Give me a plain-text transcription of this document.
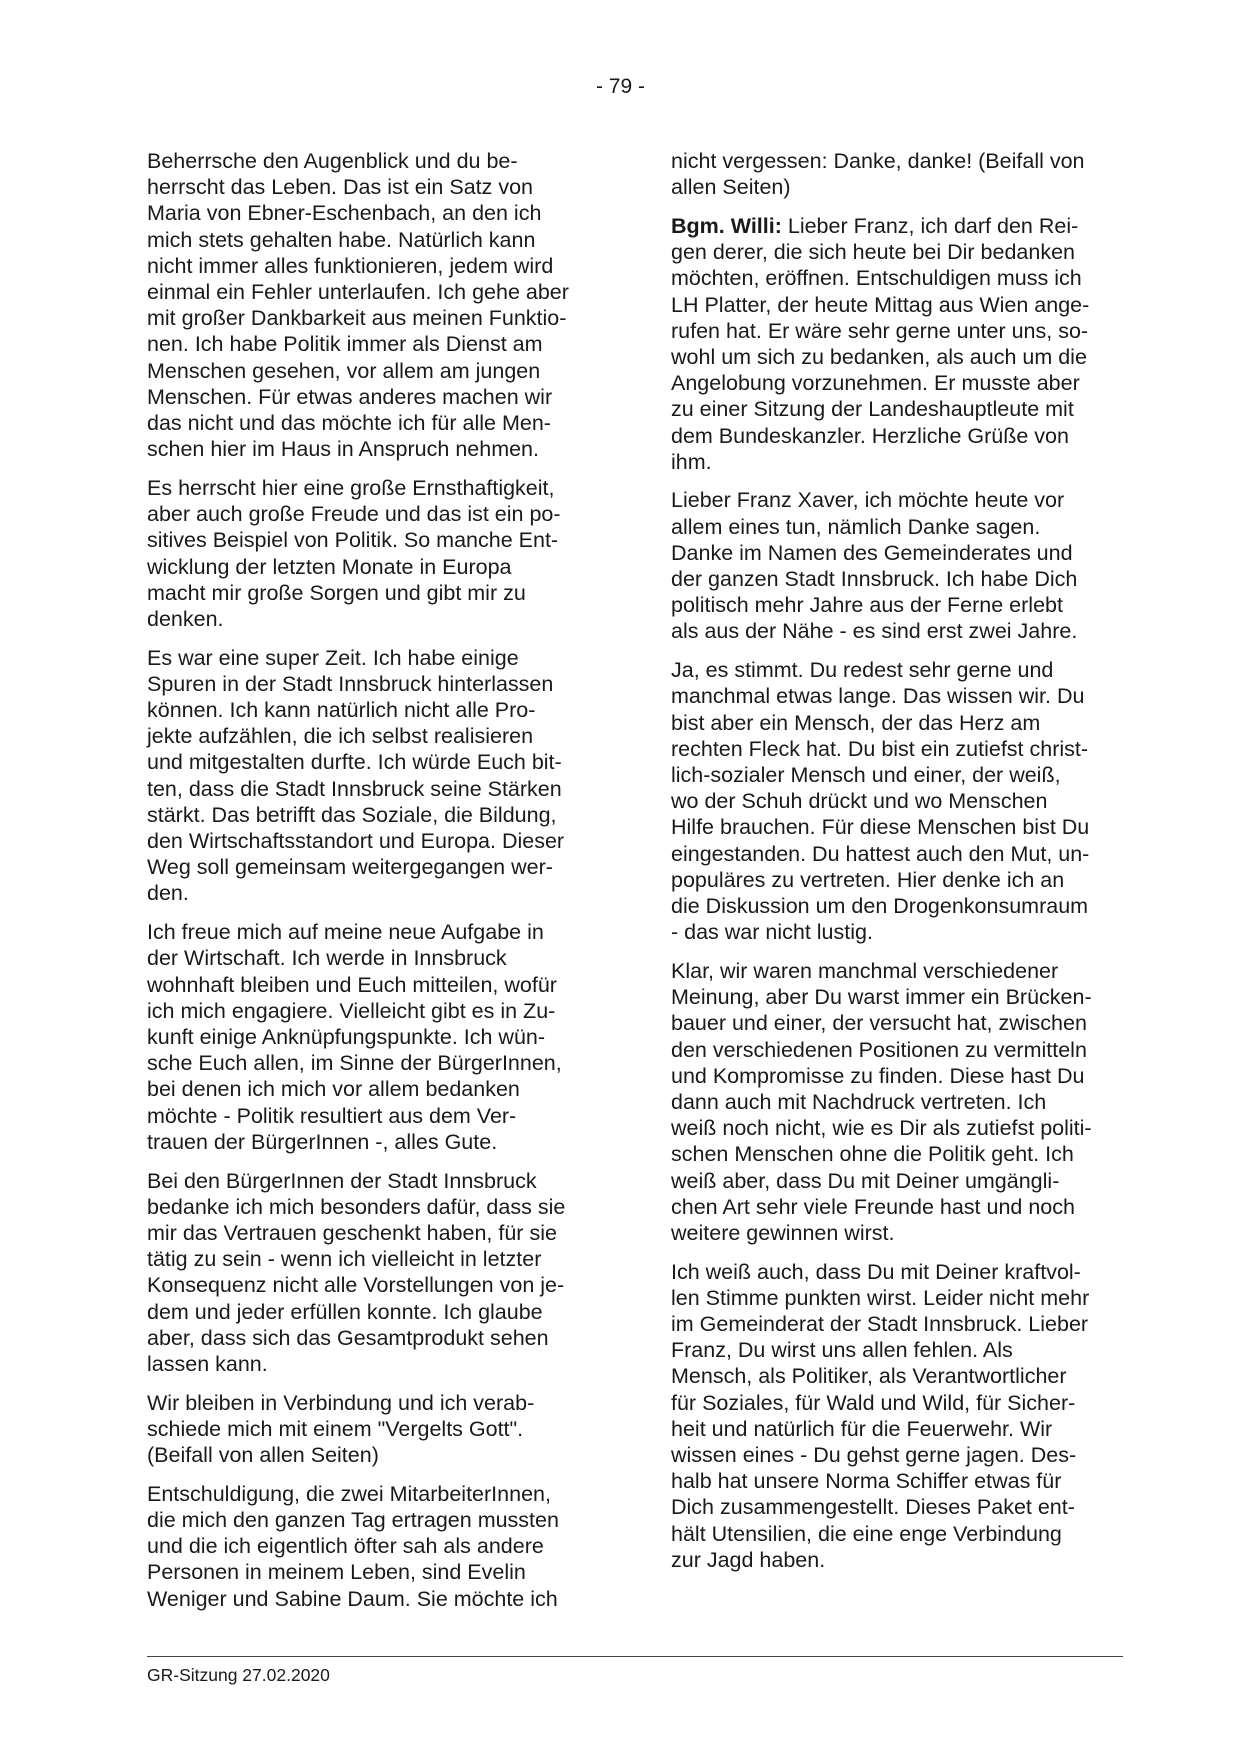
- 79 -

Beherrsche den Augenblick und du be-
herrscht das Leben. Das ist ein Satz von
Maria von Ebner-Eschenbach, an den ich
mich stets gehalten habe. Natürlich kann
nicht immer alles funktionieren, jedem wird
einmal ein Fehler unterlaufen. Ich gehe aber
mit großer Dankbarkeit aus meinen Funktio-
nen. Ich habe Politik immer als Dienst am
Menschen gesehen, vor allem am jungen
Menschen. Für etwas anderes machen wir
das nicht und das möchte ich für alle Men-
schen hier im Haus in Anspruch nehmen.

Es herrscht hier eine große Ernsthaftigkeit,
aber auch große Freude und das ist ein po-
sitives Beispiel von Politik. So manche Ent-
wicklung der letzten Monate in Europa
macht mir große Sorgen und gibt mir zu
denken.

Es war eine super Zeit. Ich habe einige
Spuren in der Stadt Innsbruck hinterlassen
können. Ich kann natürlich nicht alle Pro-
jekte aufzählen, die ich selbst realisieren
und mitgestalten durfte. Ich würde Euch bit-
ten, dass die Stadt Innsbruck seine Stärken
stärkt. Das betrifft das Soziale, die Bildung,
den Wirtschaftsstandort und Europa. Dieser
Weg soll gemeinsam weitergegangen wer-
den.

Ich freue mich auf meine neue Aufgabe in
der Wirtschaft. Ich werde in Innsbruck
wohnhaft bleiben und Euch mitteilen, wofür
ich mich engagiere. Vielleicht gibt es in Zu-
kunft einige Anknüpfungspunkte. Ich wün-
sche Euch allen, im Sinne der BürgerInnen,
bei denen ich mich vor allem bedanken
möchte - Politik resultiert aus dem Ver-
trauen der BürgerInnen -, alles Gute.

Bei den BürgerInnen der Stadt Innsbruck
bedanke ich mich besonders dafür, dass sie
mir das Vertrauen geschenkt haben, für sie
tätig zu sein - wenn ich vielleicht in letzter
Konsequenz nicht alle Vorstellungen von je-
dem und jeder erfüllen konnte. Ich glaube
aber, dass sich das Gesamtprodukt sehen
lassen kann.

Wir bleiben in Verbindung und ich verab-
schiede mich mit einem "Vergelts Gott".
(Beifall von allen Seiten)

Entschuldigung, die zwei MitarbeiterInnen,
die mich den ganzen Tag ertragen mussten
und die ich eigentlich öfter sah als andere
Personen in meinem Leben, sind Evelin
Weniger und Sabine Daum. Sie möchte ich

nicht vergessen: Danke, danke! (Beifall von
allen Seiten)

Bgm. Willi: Lieber Franz, ich darf den Rei-
gen derer, die sich heute bei Dir bedanken
möchten, eröffnen. Entschuldigen muss ich
LH Platter, der heute Mittag aus Wien ange-
rufen hat. Er wäre sehr gerne unter uns, so-
wohl um sich zu bedanken, als auch um die
Angelobung vorzunehmen. Er musste aber
zu einer Sitzung der Landeshauptleute mit
dem Bundeskanzler. Herzliche Grüße von
ihm.

Lieber Franz Xaver, ich möchte heute vor
allem eines tun, nämlich Danke sagen.
Danke im Namen des Gemeinderates und
der ganzen Stadt Innsbruck. Ich habe Dich
politisch mehr Jahre aus der Ferne erlebt
als aus der Nähe - es sind erst zwei Jahre.

Ja, es stimmt. Du redest sehr gerne und
manchmal etwas lange. Das wissen wir. Du
bist aber ein Mensch, der das Herz am
rechten Fleck hat. Du bist ein zutiefst christ-
lich-sozialer Mensch und einer, der weiß,
wo der Schuh drückt und wo Menschen
Hilfe brauchen. Für diese Menschen bist Du
eingestanden. Du hattest auch den Mut, un-
populäres zu vertreten. Hier denke ich an
die Diskussion um den Drogenkonsumraum
- das war nicht lustig.

Klar, wir waren manchmal verschiedener
Meinung, aber Du warst immer ein Brücken-
bauer und einer, der versucht hat, zwischen
den verschiedenen Positionen zu vermitteln
und Kompromisse zu finden. Diese hast Du
dann auch mit Nachdruck vertreten. Ich
weiß noch nicht, wie es Dir als zutiefst politi-
schen Menschen ohne die Politik geht. Ich
weiß aber, dass Du mit Deiner umgängli-
chen Art sehr viele Freunde hast und noch
weitere gewinnen wirst.

Ich weiß auch, dass Du mit Deiner kraftvol-
len Stimme punkten wirst. Leider nicht mehr
im Gemeinderat der Stadt Innsbruck. Lieber
Franz, Du wirst uns allen fehlen. Als
Mensch, als Politiker, als Verantwortlicher
für Soziales, für Wald und Wild, für Sicher-
heit und natürlich für die Feuerwehr. Wir
wissen eines - Du gehst gerne jagen. Des-
halb hat unsere Norma Schiffer etwas für
Dich zusammengestellt. Dieses Paket ent-
hält Utensilien, die eine enge Verbindung
zur Jagd haben.

GR-Sitzung 27.02.2020
